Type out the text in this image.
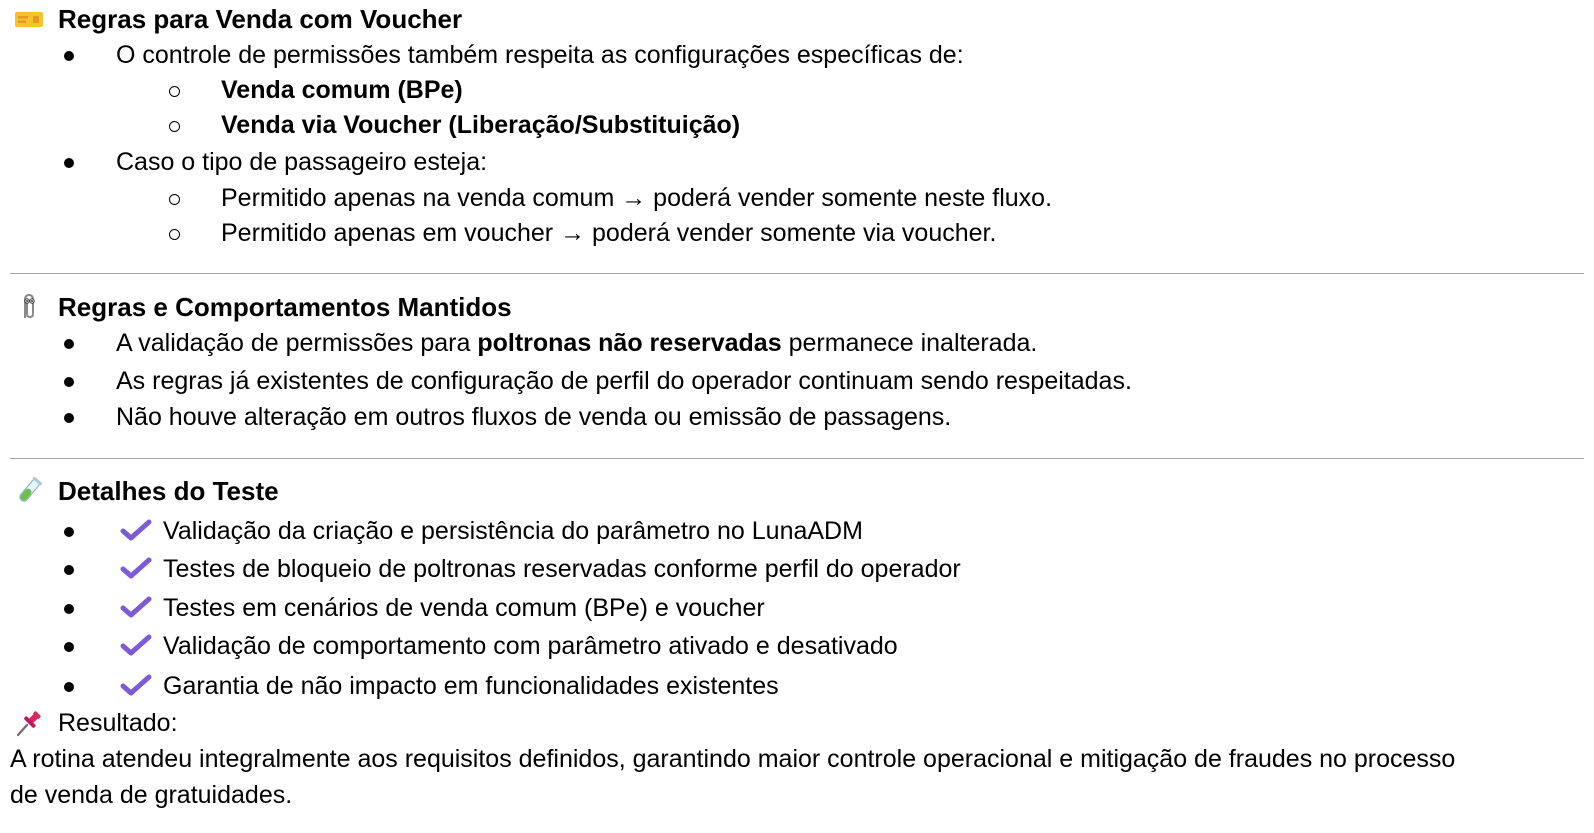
Regras para Venda com Voucher
O controle de permissões também respeita as configurações específicas de:
Venda comum (BPe)
Venda via Voucher (Liberação/Substituição)
Caso o tipo de passageiro esteja:
Permitido apenas na venda comum → poderá vender somente neste fluxo.
Permitido apenas em voucher → poderá vender somente via voucher.
Regras e Comportamentos Mantidos
A validação de permissões para poltronas não reservadas permanece inalterada.
As regras já existentes de configuração de perfil do operador continuam sendo respeitadas.
Não houve alteração em outros fluxos de venda ou emissão de passagens.
Detalhes do Teste
Validação da criação e persistência do parâmetro no LunaADM
Testes de bloqueio de poltronas reservadas conforme perfil do operador
Testes em cenários de venda comum (BPe) e voucher
Validação de comportamento com parâmetro ativado e desativado
Garantia de não impacto em funcionalidades existentes
Resultado:
A rotina atendeu integralmente aos requisitos definidos, garantindo maior controle operacional e mitigação de fraudes no processo
de venda de gratuidades.
